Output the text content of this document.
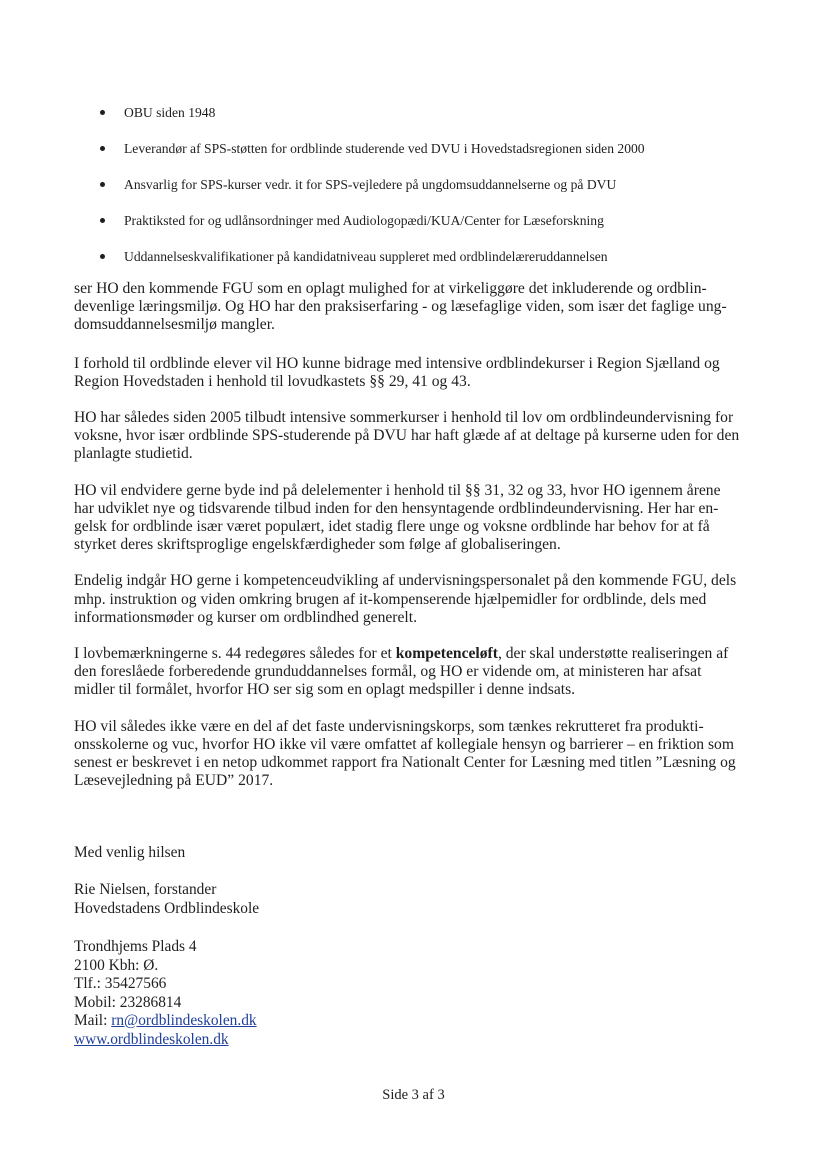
OBU siden 1948
Leverandør af SPS-støtten for ordblinde studerende ved DVU i Hovedstadsregionen siden 2000
Ansvarlig for SPS-kurser vedr. it for SPS-vejledere på ungdomsuddannelserne og på DVU
Praktiksted for og udlånsordninger med Audiologopædi/KUA/Center for Læseforskning
Uddannelseskvalifikationer på kandidatniveau suppleret med ordblindelæreruddannelsen

ser HO den kommende FGU som en oplagt mulighed for at virkeliggøre det inkluderende og ordblin-devenlige læringsmiljø. Og HO har den praksiserfaring - og læsefaglige viden, som især det faglige ung-domsuddannelsesmiljø mangler.

I forhold til ordblinde elever vil HO kunne bidrage med intensive ordblindekurser i Region Sjælland og Region Hovedstaden i henhold til lovudkastets §§ 29, 41 og 43.

HO har således siden 2005 tilbudt intensive sommerkurser i henhold til lov om ordblindeundervisning for voksne, hvor især ordblinde SPS-studerende på DVU har haft glæde af at deltage på kurserne uden for den planlagte studietid.

HO vil endvidere gerne byde ind på delelementer i henhold til §§ 31, 32 og 33, hvor HO igennem årene har udviklet nye og tidsvarende tilbud inden for den hensyntagende ordblindeundervisning. Her har en-gelsk for ordblinde især været populært, idet stadig flere unge og voksne ordblinde har behov for at få styrket deres skriftsproglige engelskfærdigheder som følge af globaliseringen.

Endelig indgår HO gerne i kompetenceudvikling af undervisningspersonalet på den kommende FGU, dels mhp. instruktion og viden omkring brugen af it-kompenserende hjælpemidler for ordblinde, dels med informationsmøder og kurser om ordblindhed generelt.

I lovbemærkningerne s. 44 redegøres således for et kompetenceløft, der skal understøtte realiseringen af den foreslåede forberedende grunduddannelses formål, og HO er vidende om, at ministeren har afsat midler til formålet, hvorfor HO ser sig som en oplagt medspiller i denne indsats.

HO vil således ikke være en del af det faste undervisningskorps, som tænkes rekrutteret fra produkti-onsskolerne og vuc, hvorfor HO ikke vil være omfattet af kollegiale hensyn og barrierer – en friktion som senest er beskrevet i en netop udkommet rapport fra Nationalt Center for Læsning med titlen ”Læsning og Læsevejledning på EUD” 2017.

Med venlig hilsen
Rie Nielsen, forstander
Hovedstadens Ordblindeskole
Trondhjems Plads 4
2100 Kbh: Ø.
Tlf.: 35427566
Mobil: 23286814
Mail: rn@ordblindeskolen.dk
www.ordblindeskolen.dk
Side 3 af 3
